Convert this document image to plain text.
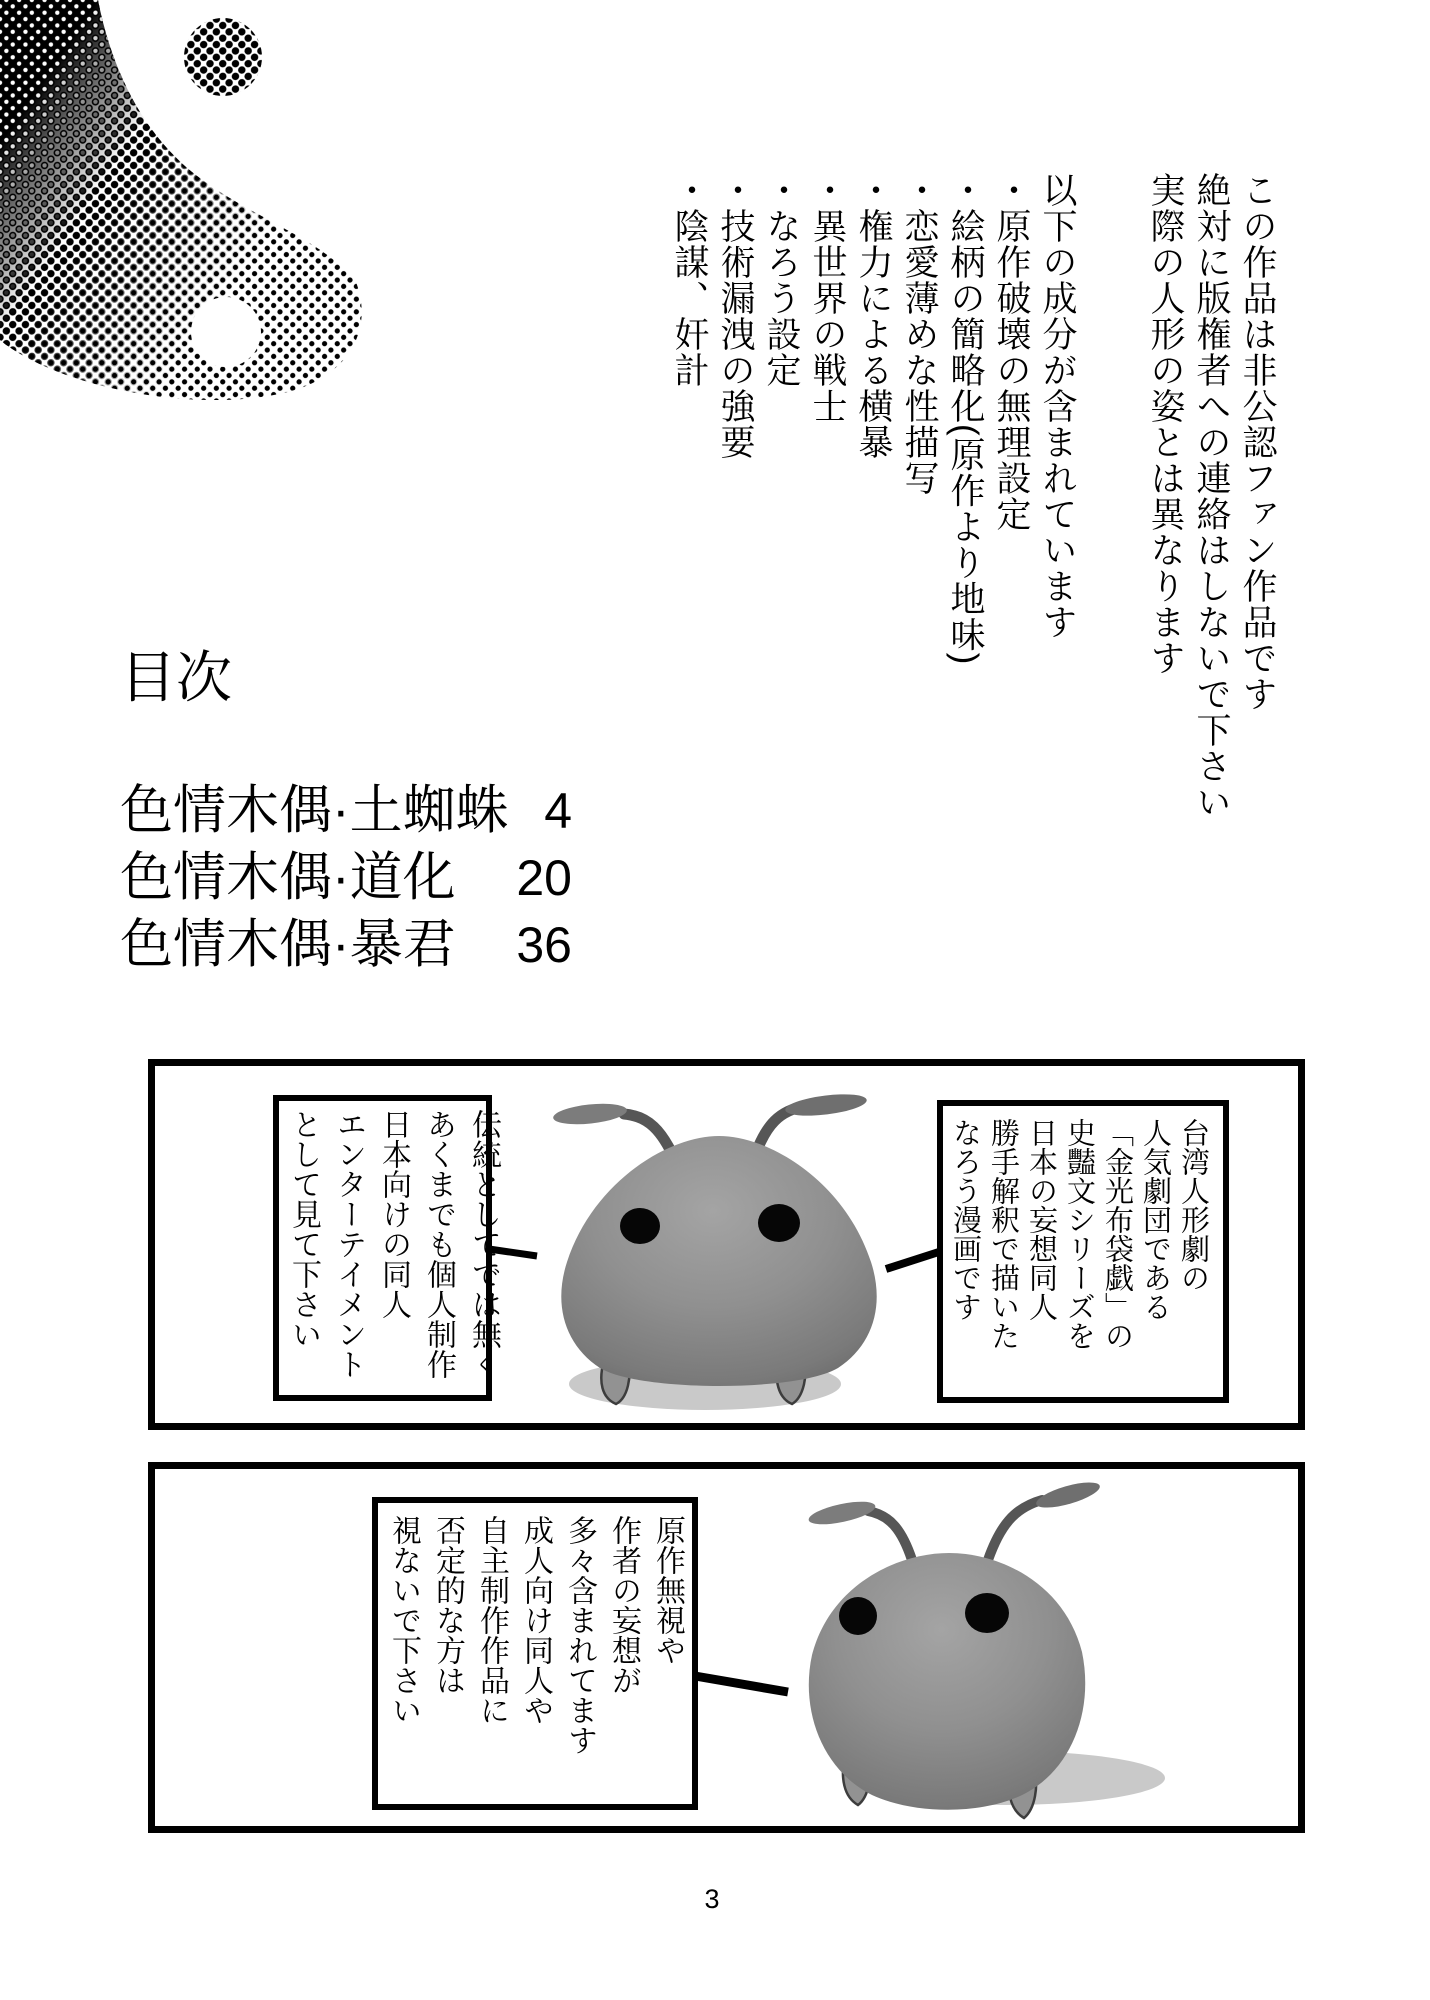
この作品は非公認ファン作品です

絶対に版権者への連絡はしないで下さい

実際の人形の姿とは異なります

以下の成分が含まれています

・原作破壊の無理設定

・絵柄の簡略化(原作より地味)

・恋愛薄めな性描写

・権力による横暴

・異世界の戦士

・なろう設定

・技術漏洩の強要

・陰謀、奸計

目次
色情木偶·土蜘蛛 4
色情木偶·道化 20
色情木偶·暴君 36

伝統としてでは無く

あくまでも個人制作

日本向けの同人

エンターテイメント

として見て下さい	台湾人形劇の

人気劇団である

「金光布袋戯」の

史豔文シリーズを

日本の妄想同人

勝手解釈で描いた

なろう漫画です

原作無視や

作者の妄想が

多々含まれてます

成人向け同人や

自主制作作品に

否定的な方は

視ないで下さい

3
